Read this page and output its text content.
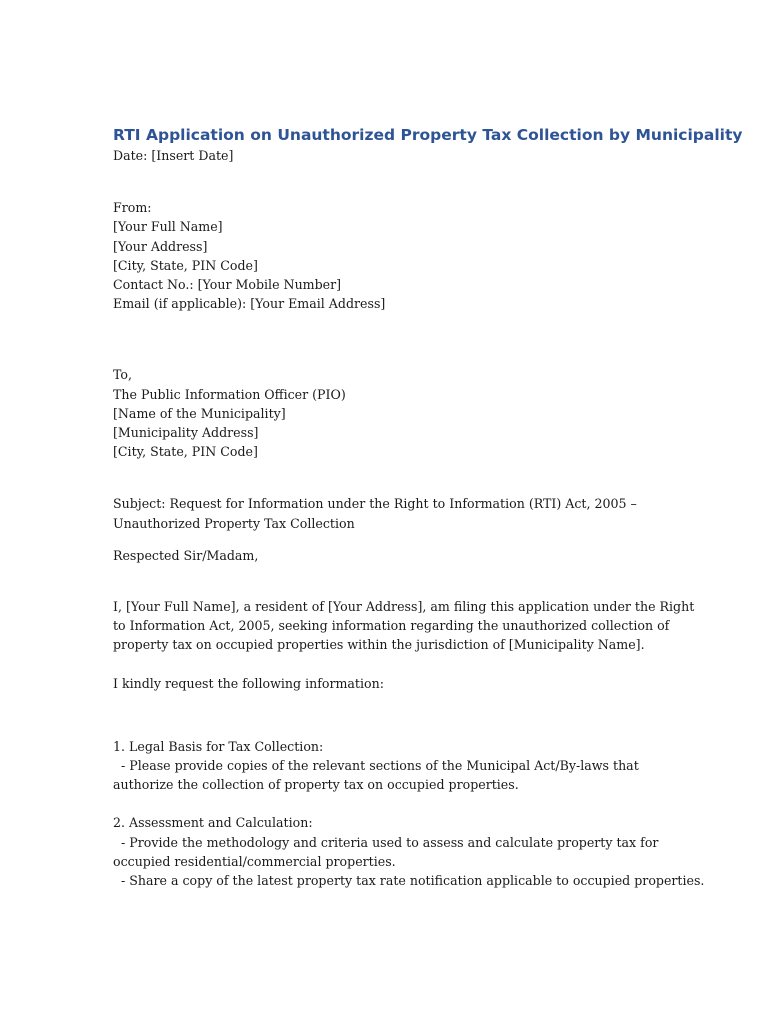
RTI Application on Unauthorized Property Tax Collection by Municipality
Date: [Insert Date]
From:
[Your Full Name]
[Your Address]
[City, State, PIN Code]
Contact No.: [Your Mobile Number]
Email (if applicable): [Your Email Address]
To,
The Public Information Officer (PIO)
[Name of the Municipality]
[Municipality Address]
[City, State, PIN Code]
Subject: Request for Information under the Right to Information (RTI) Act, 2005 –
Unauthorized Property Tax Collection
Respected Sir/Madam,
I, [Your Full Name], a resident of [Your Address], am filing this application under the Right
to Information Act, 2005, seeking information regarding the unauthorized collection of
property tax on occupied properties within the jurisdiction of [Municipality Name].
I kindly request the following information:
1. Legal Basis for Tax Collection:
- Please provide copies of the relevant sections of the Municipal Act/By-laws that
authorize the collection of property tax on occupied properties.
2. Assessment and Calculation:
- Provide the methodology and criteria used to assess and calculate property tax for
occupied residential/commercial properties.
- Share a copy of the latest property tax rate notification applicable to occupied properties.
